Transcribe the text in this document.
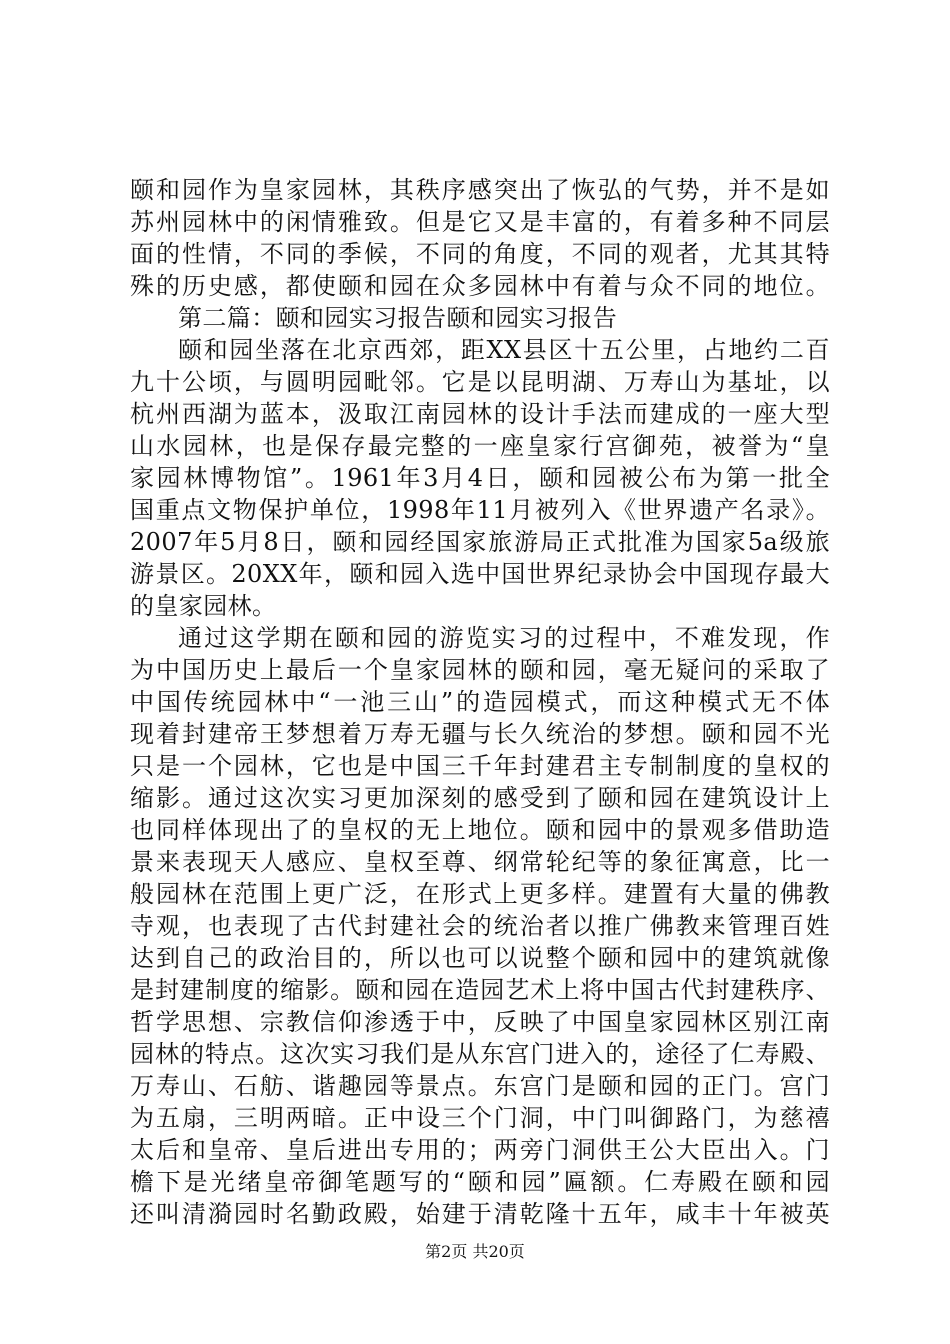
颐和园作为皇家园林，其秩序感突出了恢弘的气势，并不是如
苏州园林中的闲情雅致。但是它又是丰富的，有着多种不同层
面的性情，不同的季候，不同的角度，不同的观者，尤其其特
殊的历史感，都使颐和园在众多园林中有着与众不同的地位。
第二篇：颐和园实习报告颐和园实习报告
颐和园坐落在北京西郊，距XX县区十五公里，占地约二百
九十公顷，与圆明园毗邻。它是以昆明湖、万寿山为基址，以
杭州西湖为蓝本，汲取江南园林的设计手法而建成的一座大型
山水园林，也是保存最完整的一座皇家行宫御苑，被誉为“皇
家园林博物馆”。1961年3月4日，颐和园被公布为第一批全
国重点文物保护单位，1998年11月被列入《世界遗产名录》。
2007年5月8日，颐和园经国家旅游局正式批准为国家5a级旅
游景区。20XX年，颐和园入选中国世界纪录协会中国现存最大
的皇家园林。
通过这学期在颐和园的游览实习的过程中，不难发现，作
为中国历史上最后一个皇家园林的颐和园，毫无疑问的采取了
中国传统园林中“一池三山”的造园模式，而这种模式无不体
现着封建帝王梦想着万寿无疆与长久统治的梦想。颐和园不光
只是一个园林，它也是中国三千年封建君主专制制度的皇权的
缩影。通过这次实习更加深刻的感受到了颐和园在建筑设计上
也同样体现出了的皇权的无上地位。颐和园中的景观多借助造
景来表现天人感应、皇权至尊、纲常轮纪等的象征寓意，比一
般园林在范围上更广泛，在形式上更多样。建置有大量的佛教
寺观，也表现了古代封建社会的统治者以推广佛教来管理百姓
达到自己的政治目的，所以也可以说整个颐和园中的建筑就像
是封建制度的缩影。颐和园在造园艺术上将中国古代封建秩序、
哲学思想、宗教信仰渗透于中，反映了中国皇家园林区别江南
园林的特点。这次实习我们是从东宫门进入的，途径了仁寿殿、
万寿山、石舫、谐趣园等景点。东宫门是颐和园的正门。宫门
为五扇，三明两暗。正中设三个门洞，中门叫御路门，为慈禧
太后和皇帝、皇后进出专用的；两旁门洞供王公大臣出入。门
檐下是光绪皇帝御笔题写的“颐和园”匾额。仁寿殿在颐和园
还叫清漪园时名勤政殿，始建于清乾隆十五年，咸丰十年被英
第2页 共20页
